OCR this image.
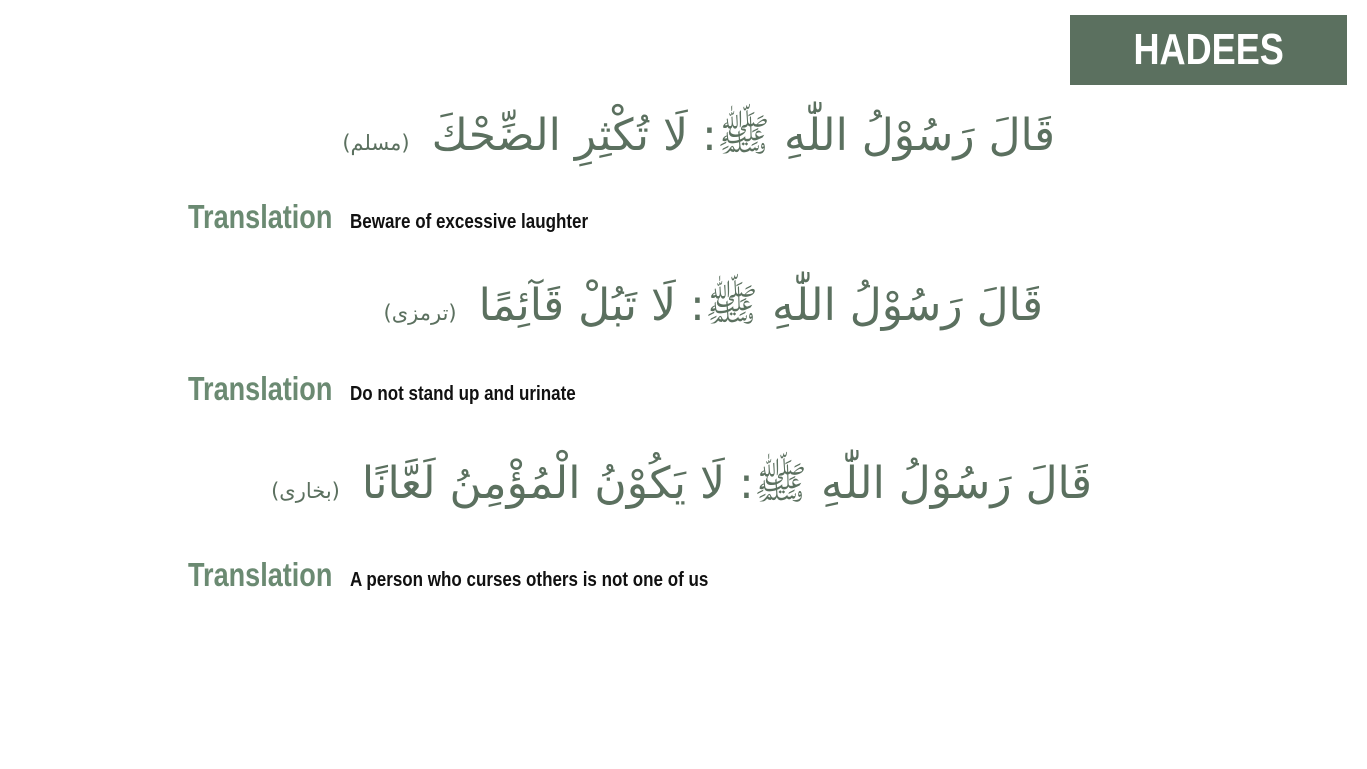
HADEES
قَالَ رَسُوْلُ اللّٰهِ ﷺ: لَا تُكْثِرِ الضِّحْكَ
(مسلم)
Translation Beware of excessive laughter
قَالَ رَسُوْلُ اللّٰهِ ﷺ: لَا تَبُلْ قَآئِمًا
(ترمزی)
Translation Do not stand up and urinate
قَالَ رَسُوْلُ اللّٰهِ ﷺ: لَا يَكُوْنُ الْمُؤْمِنُ لَعَّانًا
(بخاری)
Translation A person who curses others is not one of us
